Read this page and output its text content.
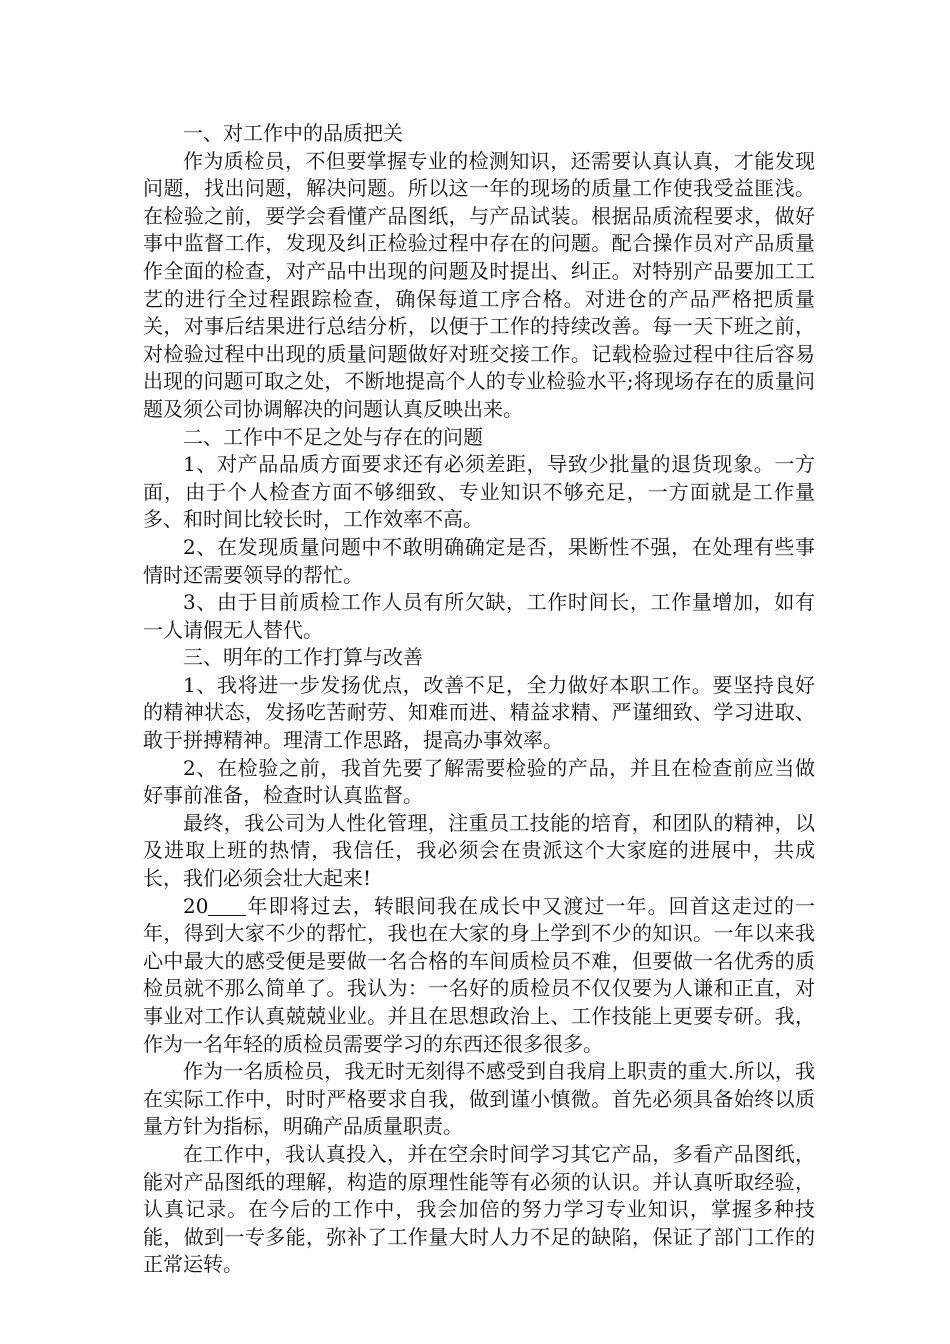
一、对工作中的品质把关

作为质检员，不但要掌握专业的检测知识，还需要认真认真，才能发现问题，找出问题，解决问题。所以这一年的现场的质量工作使我受益匪浅。在检验之前，要学会看懂产品图纸，与产品试装。根据品质流程要求，做好事中监督工作，发现及纠正检验过程中存在的问题。配合操作员对产品质量作全面的检查，对产品中出现的问题及时提出、纠正。对特别产品要加工工艺的进行全过程跟踪检查，确保每道工序合格。对进仓的产品严格把质量关，对事后结果进行总结分析，以便于工作的持续改善。每一天下班之前，对检验过程中出现的质量问题做好对班交接工作。记载检验过程中往后容易出现的问题可取之处，不断地提高个人的专业检验水平;将现场存在的质量问题及须公司协调解决的问题认真反映出来。

二、工作中不足之处与存在的问题

1、对产品品质方面要求还有必须差距，导致少批量的退货现象。一方面，由于个人检查方面不够细致、专业知识不够充足，一方面就是工作量多、和时间比较长时，工作效率不高。

2、在发现质量问题中不敢明确确定是否，果断性不强，在处理有些事情时还需要领导的帮忙。

3、由于目前质检工作人员有所欠缺，工作时间长，工作量增加，如有一人请假无人替代。

三、明年的工作打算与改善

1、我将进一步发扬优点，改善不足，全力做好本职工作。要坚持良好的精神状态，发扬吃苦耐劳、知难而进、精益求精、严谨细致、学习进取、敢于拼搏精神。理清工作思路，提高办事效率。

2、在检验之前，我首先要了解需要检验的产品，并且在检查前应当做好事前准备，检查时认真监督。

最终，我公司为人性化管理，注重员工技能的培育，和团队的精神，以及进取上班的热情，我信任，我必须会在贵派这个大家庭的进展中，共成长，我们必须会壮大起来!

20 年即将过去，转眼间我在成长中又渡过一年。回首这走过的一年，得到大家不少的帮忙，我也在大家的身上学到不少的知识。一年以来我心中最大的感受便是要做一名合格的车间质检员不难，但要做一名优秀的质检员就不那么简单了。我认为：一名好的质检员不仅仅要为人谦和正直，对事业对工作认真兢兢业业。并且在思想政治上、工作技能上更要专研。我，作为一名年轻的质检员需要学习的东西还很多很多。

作为一名质检员，我无时无刻得不感受到自我肩上职责的重大.所以，我在实际工作中，时时严格要求自我，做到谨小慎微。首先必须具备始终以质量方针为指标，明确产品质量职责。

在工作中，我认真投入，并在空余时间学习其它产品，多看产品图纸，能对产品图纸的理解，构造的原理性能等有必须的认识。并认真听取经验，认真记录。在今后的工作中，我会加倍的努力学习专业知识，掌握多种技能，做到一专多能，弥补了工作量大时人力不足的缺陷，保证了部门工作的正常运转。
